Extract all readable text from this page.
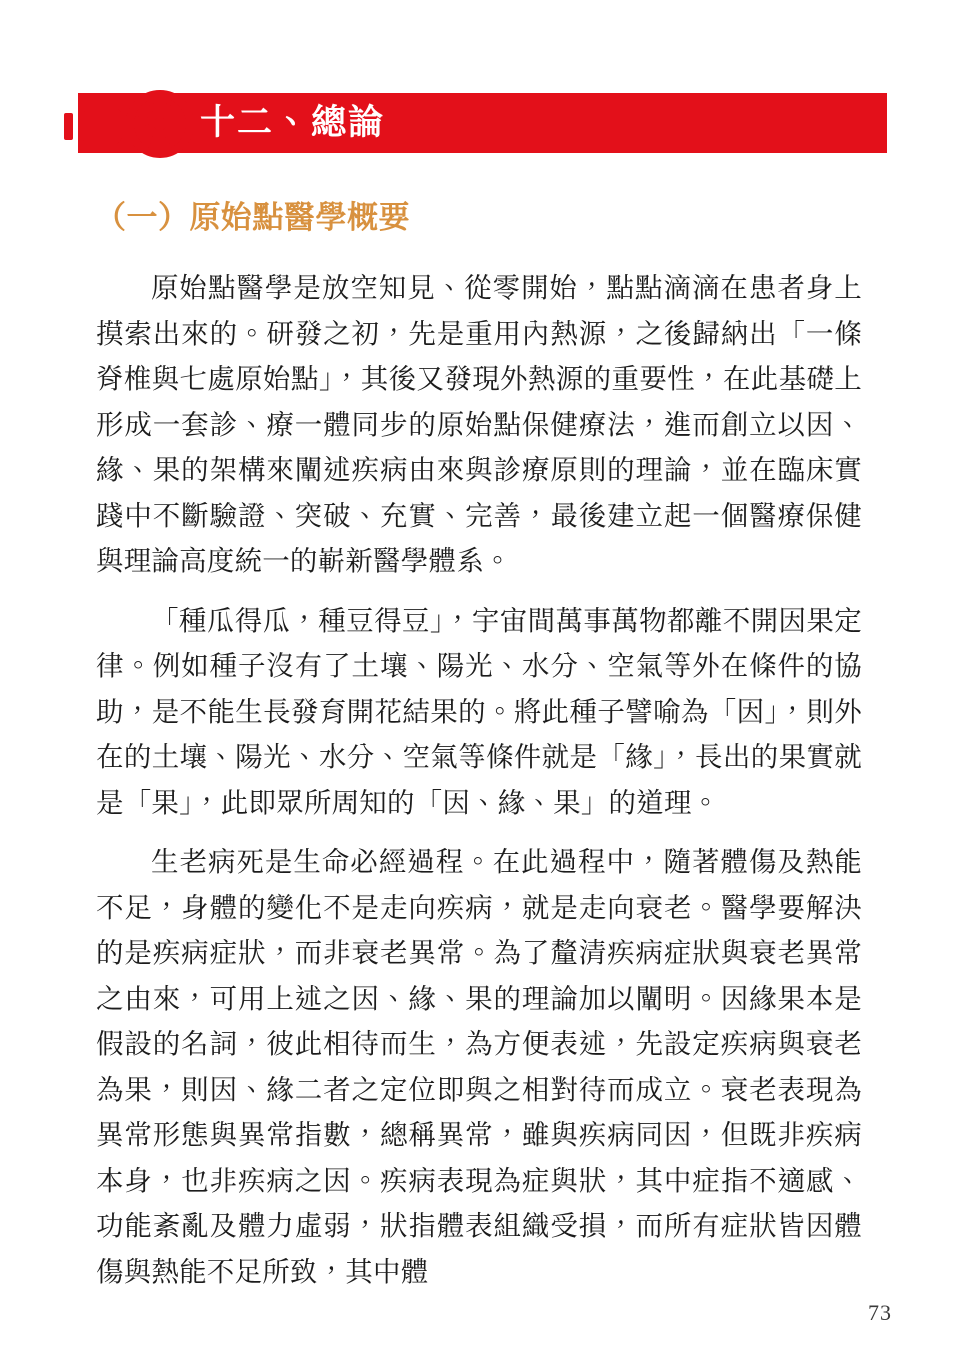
十二、總論
（一）原始點醫學概要

原始點醫學是放空知見、從零開始，點點滴滴在患者身上摸索出來的。研發之初，先是重用內熱源，之後歸納出「一條脊椎與七處原始點」，其後又發現外熱源的重要性，在此基礎上形成一套診、療一體同步的原始點保健療法，進而創立以因、緣、果的架構來闡述疾病由來與診療原則的理論，並在臨床實踐中不斷驗證、突破、充實、完善，最後建立起一個醫療保健與理論高度統一的嶄新醫學體系。

「種瓜得瓜，種豆得豆」，宇宙間萬事萬物都離不開因果定律。例如種子沒有了土壤、陽光、水分、空氣等外在條件的協助，是不能生長發育開花結果的。將此種子譬喻為「因」，則外在的土壤、陽光、水分、空氣等條件就是「緣」，長出的果實就是「果」，此即眾所周知的「因、緣、果」的道理。

生老病死是生命必經過程。在此過程中，隨著體傷及熱能不足，身體的變化不是走向疾病，就是走向衰老。醫學要解決的是疾病症狀，而非衰老異常。為了釐清疾病症狀與衰老異常之由來，可用上述之因、緣、果的理論加以闡明。因緣果本是假設的名詞，彼此相待而生，為方便表述，先設定疾病與衰老為果，則因、緣二者之定位即與之相對待而成立。衰老表現為異常形態與異常指數，總稱異常，雖與疾病同因，但既非疾病本身，也非疾病之因。疾病表現為症與狀，其中症指不適感、功能紊亂及體力虛弱，狀指體表組織受損，而所有症狀皆因體傷與熱能不足所致，其中體

73
